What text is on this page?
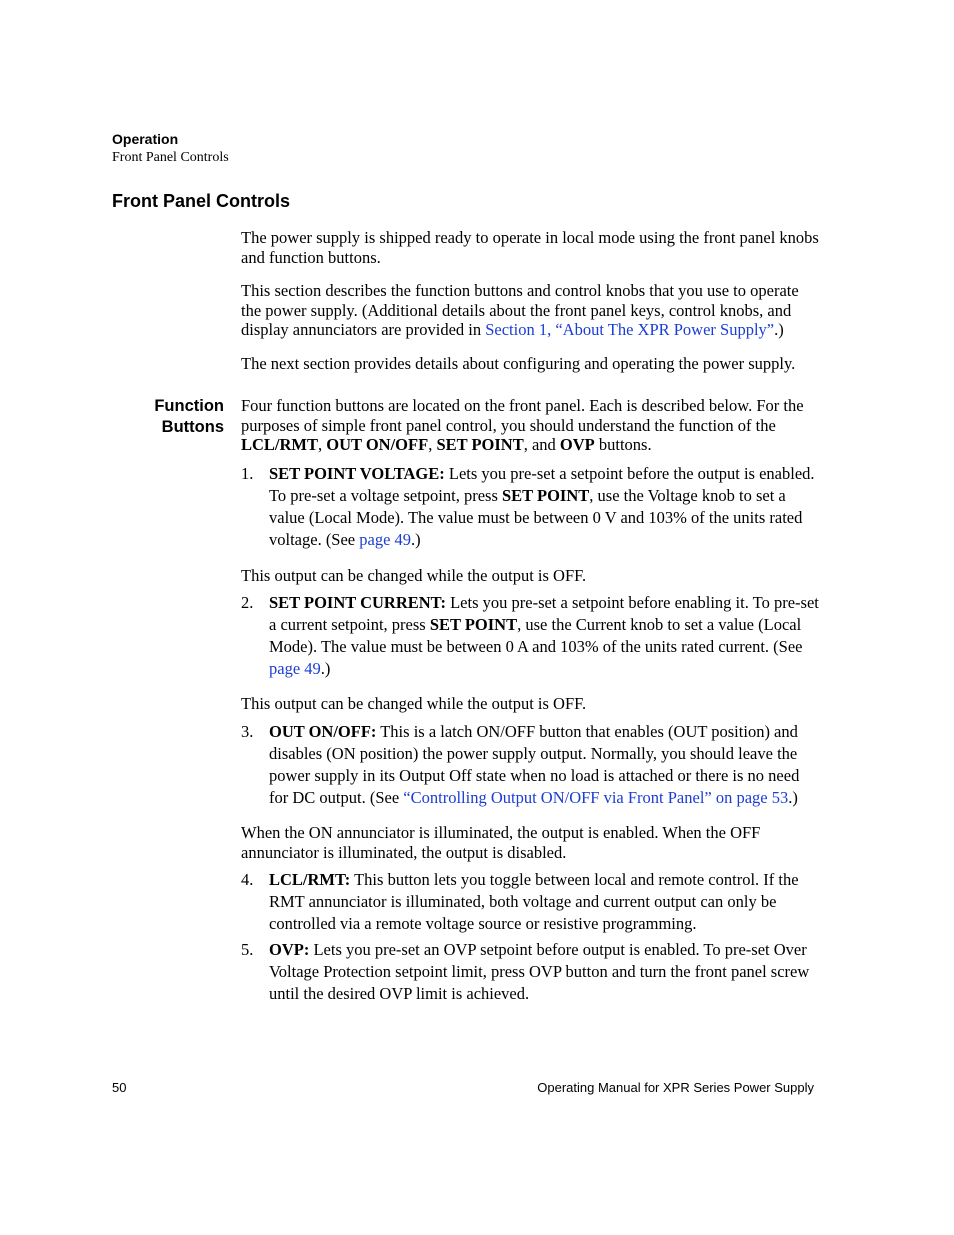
Operation
Front Panel Controls
Front Panel Controls

The power supply is shipped ready to operate in local mode using the front panel knobs and function buttons.

This section describes the function buttons and control knobs that you use to operate the power supply. (Additional details about the front panel keys, control knobs, and display annunciators are provided in Section 1, “About The XPR Power Supply”.)

The next section provides details about configuring and operating the power supply.

Function
Buttons

Four function buttons are located on the front panel. Each is described below. For the purposes of simple front panel control, you should understand the function of the LCL/RMT, OUT ON/OFF, SET POINT, and OVP buttons.

1. SET POINT VOLTAGE: Lets you pre-set a setpoint before the output is enabled. To pre-set a voltage setpoint, press SET POINT, use the Voltage knob to set a value (Local Mode). The value must be between 0 V and 103% of the units rated voltage. (See page 49.)

This output can be changed while the output is OFF.

2. SET POINT CURRENT: Lets you pre-set a setpoint before enabling it. To pre-set a current setpoint, press SET POINT, use the Current knob to set a value (Local Mode). The value must be between 0 A and 103% of the units rated current. (See page 49.)

This output can be changed while the output is OFF.

3. OUT ON/OFF: This is a latch ON/OFF button that enables (OUT position) and disables (ON position) the power supply output. Normally, you should leave the power supply in its Output Off state when no load is attached or there is no need for DC output. (See “Controlling Output ON/OFF via Front Panel” on page 53.)

When the ON annunciator is illuminated, the output is enabled. When the OFF annunciator is illuminated, the output is disabled.

4. LCL/RMT: This button lets you toggle between local and remote control. If the RMT annunciator is illuminated, both voltage and current output can only be controlled via a remote voltage source or resistive programming.
5. OVP: Lets you pre-set an OVP setpoint before output is enabled. To pre-set Over Voltage Protection setpoint limit, press OVP button and turn the front panel screw until the desired OVP limit is achieved.
50	Operating Manual for XPR Series Power Supply
